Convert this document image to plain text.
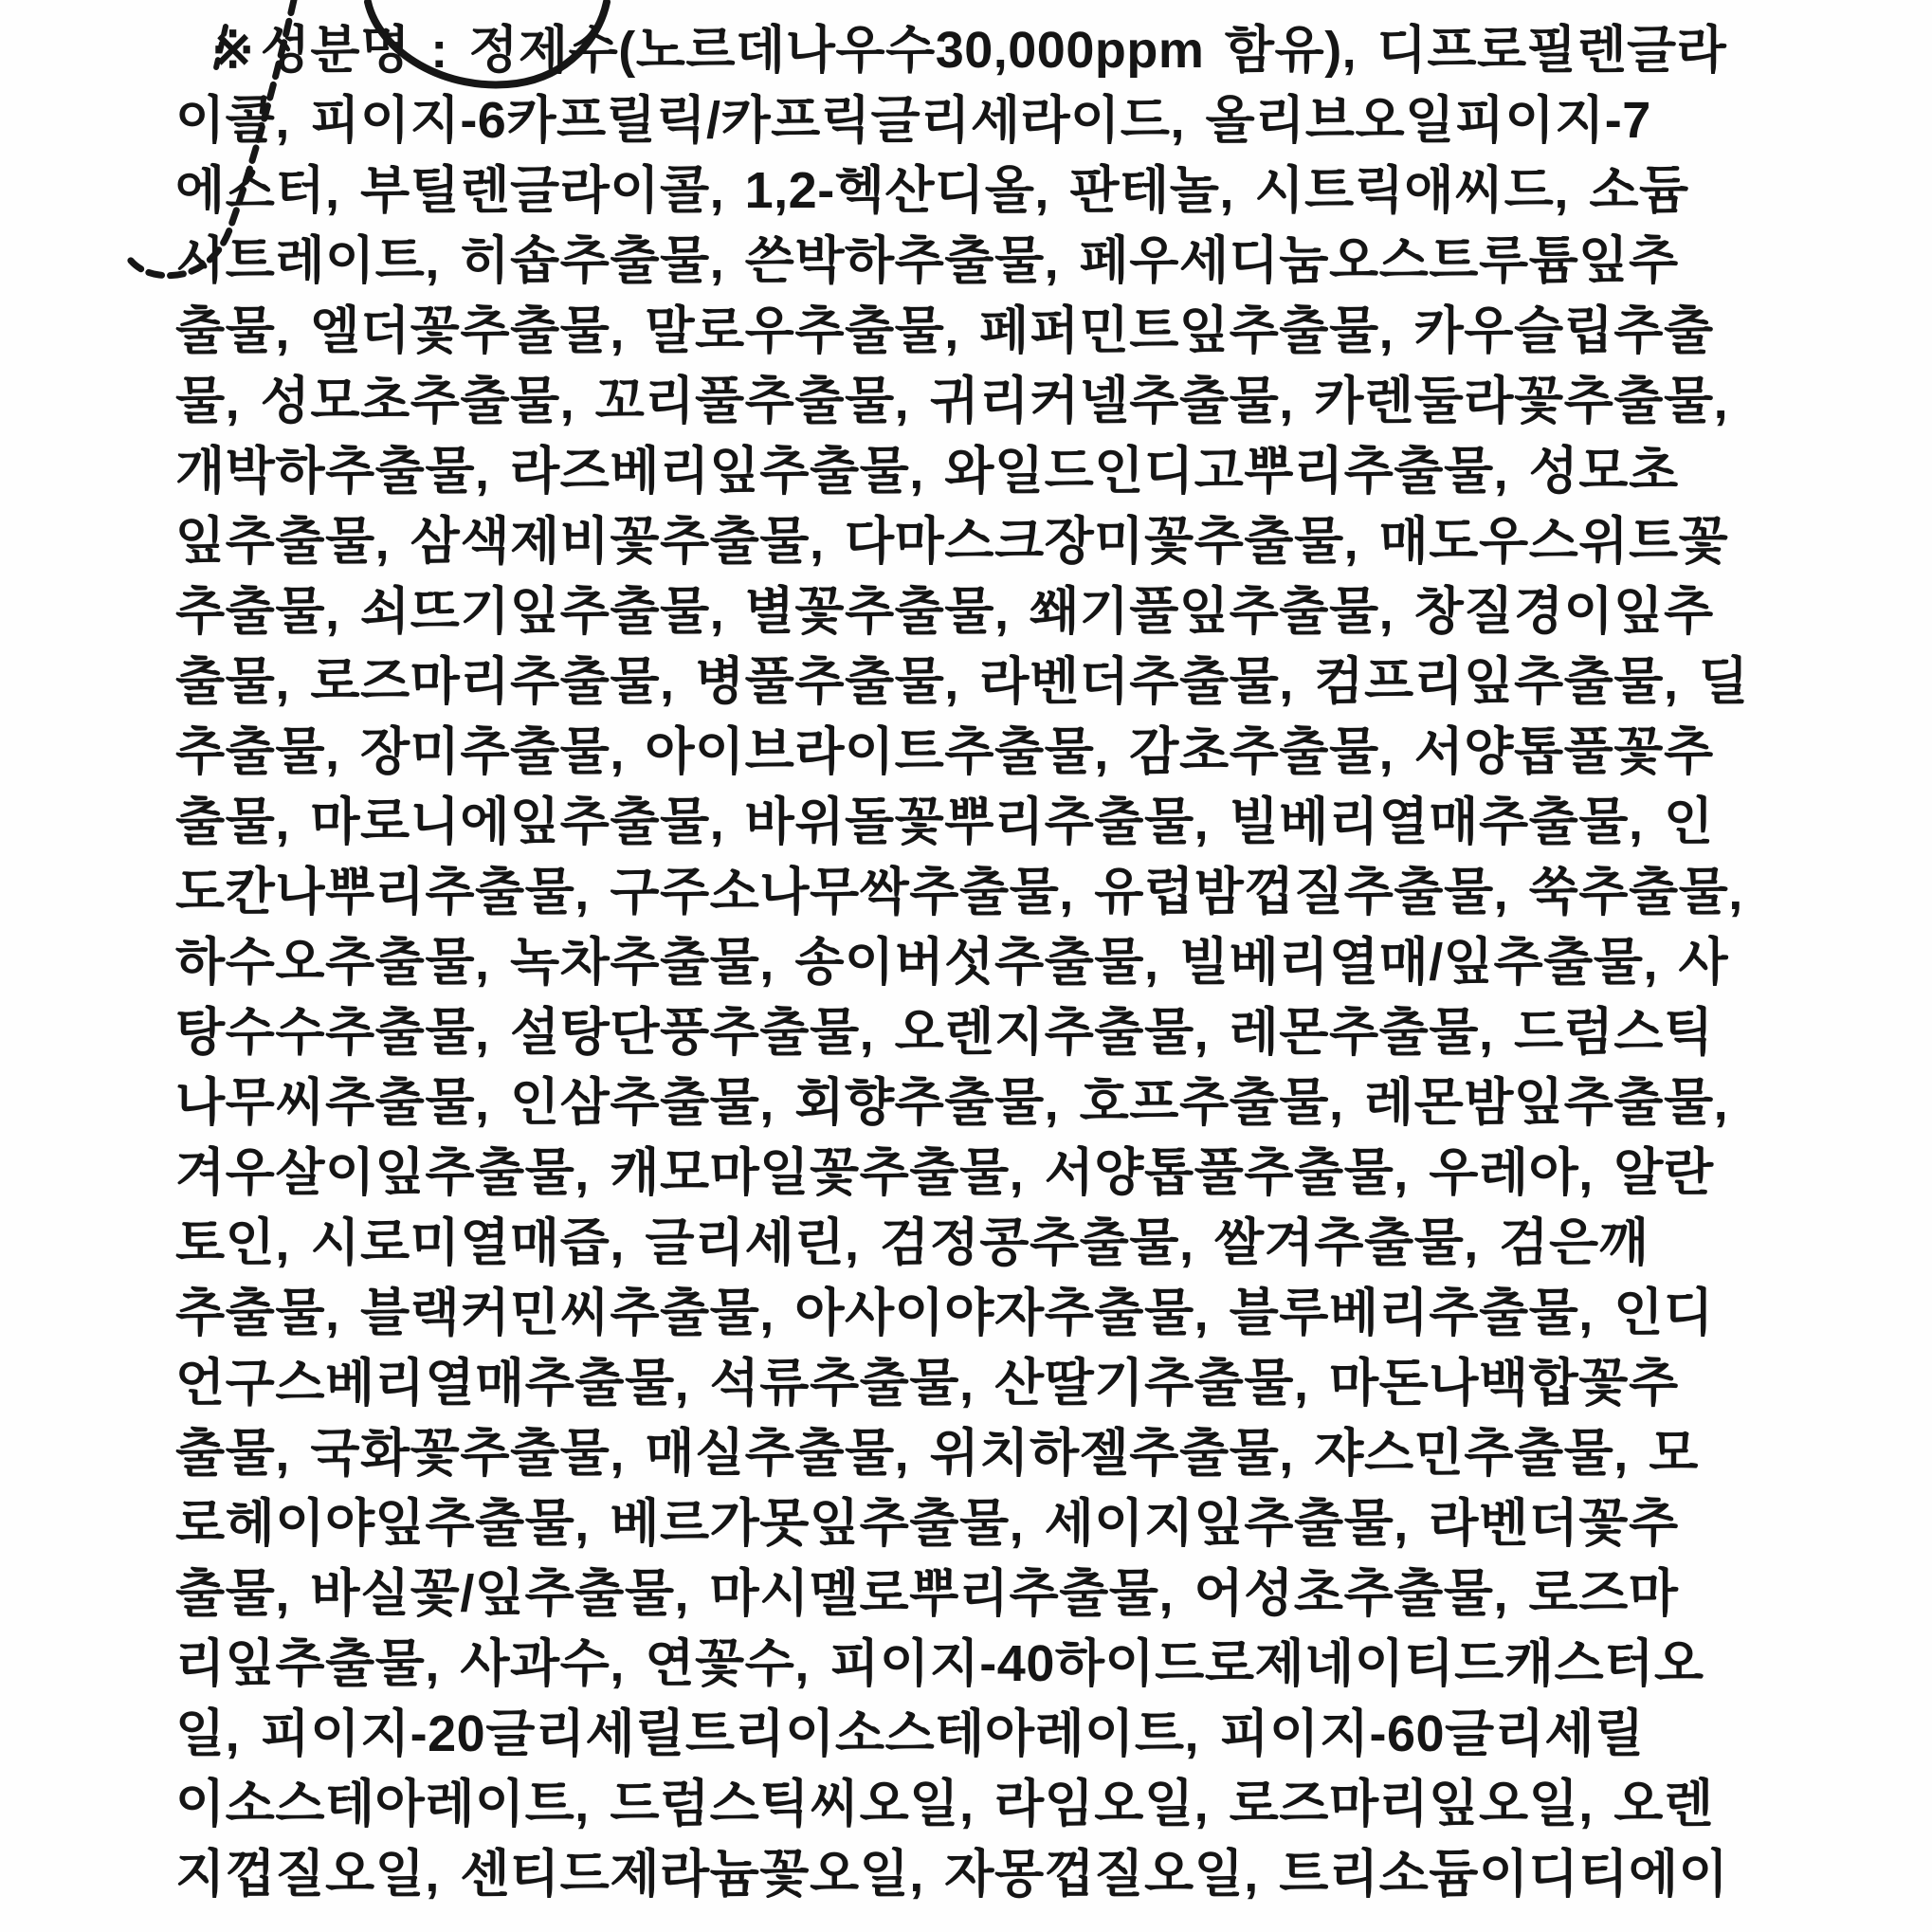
※ 성분명 : 정제수(노르데나우수30,000ppm 함유), 디프로필렌글라
이콜, 피이지-6카프릴릭/카프릭글리세라이드, 올리브오일피이지-7
에스터, 부틸렌글라이콜, 1,2-헥산디올, 판테놀, 시트릭애씨드, 소듐
시트레이트, 히솝추출물, 쓴박하추출물, 페우세디눔오스트루튬잎추
출물, 엘더꽃추출물, 말로우추출물, 페퍼민트잎추출물, 카우슬립추출
물, 성모초추출물, 꼬리풀추출물, 귀리커넬추출물, 카렌둘라꽃추출물,
개박하추출물, 라즈베리잎추출물, 와일드인디고뿌리추출물, 성모초
잎추출물, 삼색제비꽃추출물, 다마스크장미꽃추출물, 매도우스위트꽃
추출물, 쇠뜨기잎추출물, 별꽃추출물, 쐐기풀잎추출물, 창질경이잎추
출물, 로즈마리추출물, 병풀추출물, 라벤더추출물, 컴프리잎추출물, 딜
추출물, 장미추출물, 아이브라이트추출물, 감초추출물, 서양톱풀꽃추
출물, 마로니에잎추출물, 바위돌꽃뿌리추출물, 빌베리열매추출물, 인
도칸나뿌리추출물, 구주소나무싹추출물, 유럽밤껍질추출물, 쑥추출물,
하수오추출물, 녹차추출물, 송이버섯추출물, 빌베리열매/잎추출물, 사
탕수수추출물, 설탕단풍추출물, 오렌지추출물, 레몬추출물, 드럼스틱
나무씨추출물, 인삼추출물, 회향추출물, 호프추출물, 레몬밤잎추출물,
겨우살이잎추출물, 캐모마일꽃추출물, 서양톱풀추출물, 우레아, 알란
토인, 시로미열매즙, 글리세린, 검정콩추출물, 쌀겨추출물, 검은깨
추출물, 블랙커민씨추출물, 아사이야자추출물, 블루베리추출물, 인디
언구스베리열매추출물, 석류추출물, 산딸기추출물, 마돈나백합꽃추
출물, 국화꽃추출물, 매실추출물, 위치하젤추출물, 쟈스민추출물, 모
로헤이야잎추출물, 베르가못잎추출물, 세이지잎추출물, 라벤더꽃추
출물, 바실꽃/잎추출물, 마시멜로뿌리추출물, 어성초추출물, 로즈마
리잎추출물, 사과수, 연꽃수, 피이지-40하이드로제네이티드캐스터오
일, 피이지-20글리세릴트리이소스테아레이트, 피이지-60글리세릴
이소스테아레이트, 드럼스틱씨오일, 라임오일, 로즈마리잎오일, 오렌
지껍질오일, 센티드제라늄꽃오일, 자몽껍질오일, 트리소듐이디티에이
